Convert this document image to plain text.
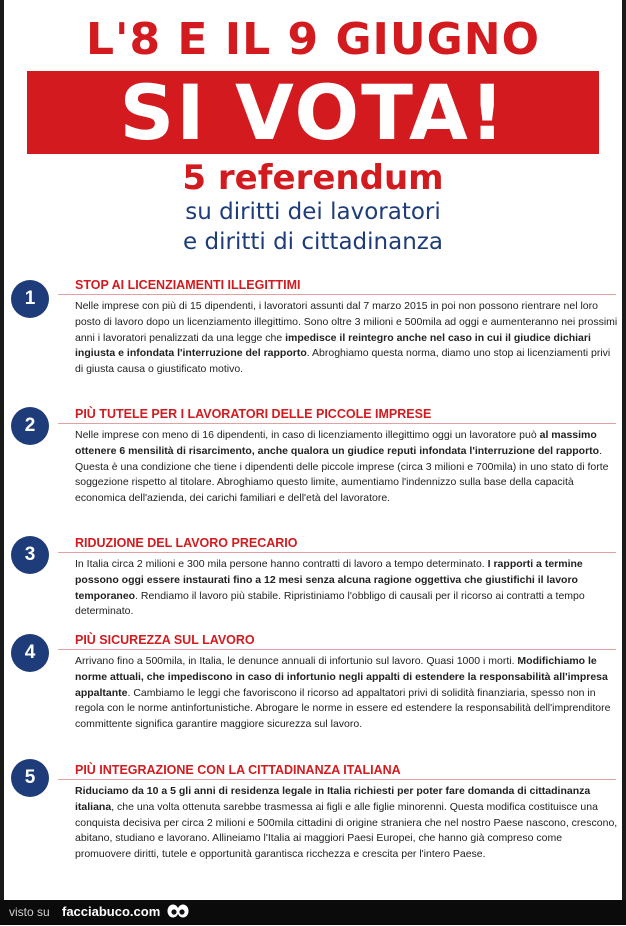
L'8 E IL 9 GIUGNO
SI VOTA!
5 referendum
su diritti dei lavoratori
e diritti di cittadinanza
1
STOP AI LICENZIAMENTI ILLEGITTIMI
Nelle imprese con più di 15 dipendenti, i lavoratori assunti dal 7 marzo 2015 in poi non possono rientrare nel loro posto di lavoro dopo un licenziamento illegittimo. Sono oltre 3 milioni e 500mila ad oggi e aumenteranno nei prossimi anni i lavoratori penalizzati da una legge che impedisce il reintegro anche nel caso in cui il giudice dichiari ingiusta e infondata l'interruzione del rapporto. Abroghiamo questa norma, diamo uno stop ai licenziamenti privi di giusta causa o giustificato motivo.
2
PIÙ TUTELE PER I LAVORATORI DELLE PICCOLE IMPRESE
Nelle imprese con meno di 16 dipendenti, in caso di licenziamento illegittimo oggi un lavoratore può al massimo ottenere 6 mensilità di risarcimento, anche qualora un giudice reputi infondata l'interruzione del rapporto. Questa è una condizione che tiene i dipendenti delle piccole imprese (circa 3 milioni e 700mila) in uno stato di forte soggezione rispetto al titolare. Abroghiamo questo limite, aumentiamo l'indennizzo sulla base della capacità economica dell'azienda, dei carichi familiari e dell'età del lavoratore.
3
RIDUZIONE DEL LAVORO PRECARIO
In Italia circa 2 milioni e 300 mila persone hanno contratti di lavoro a tempo determinato. I rapporti a termine possono oggi essere instaurati fino a 12 mesi senza alcuna ragione oggettiva che giustifichi il lavoro temporaneo. Rendiamo il lavoro più stabile. Ripristiniamo l'obbligo di causali per il ricorso ai contratti a tempo determinato.
4
PIÙ SICUREZZA SUL LAVORO
Arrivano fino a 500mila, in Italia, le denunce annuali di infortunio sul lavoro. Quasi 1000 i morti. Modifichiamo le norme attuali, che impediscono in caso di infortunio negli appalti di estendere la responsabilità all'impresa appaltante. Cambiamo le leggi che favoriscono il ricorso ad appaltatori privi di solidità finanziaria, spesso non in regola con le norme antinfortunistiche. Abrogare le norme in essere ed estendere la responsabilità dell'imprenditore committente significa garantire maggiore sicurezza sul lavoro.
5	PIÙ INTEGRAZIONE CON LA CITTADINANZA ITALIANA
Riduciamo da 10 a 5 gli anni di residenza legale in Italia richiesti per poter fare domanda di cittadinanza italiana, che una volta ottenuta sarebbe trasmessa ai figli e alle figlie minorenni. Questa modifica costituisce una conquista decisiva per circa 2 milioni e 500mila cittadini di origine straniera che nel nostro Paese nascono, crescono, abitano, studiano e lavorano. Allineiamo l'Italia ai maggiori Paesi Europei, che hanno già compreso come promuovere diritti, tutele e opportunità garantisca ricchezza e crescita per l'intero Paese.
visto su facciabuco.com
